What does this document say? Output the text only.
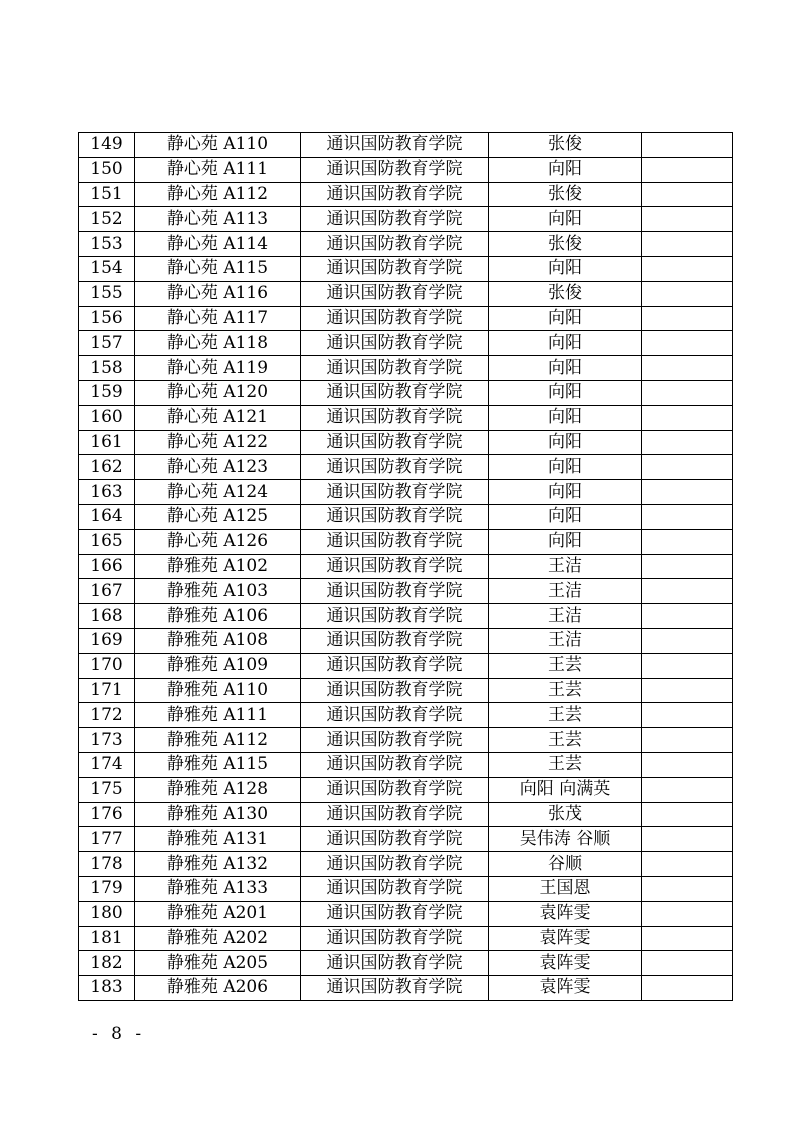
149	静心苑 A110	通识国防教育学院	张俊	
150	静心苑 A111	通识国防教育学院	向阳	
151	静心苑 A112	通识国防教育学院	张俊	
152	静心苑 A113	通识国防教育学院	向阳	
153	静心苑 A114	通识国防教育学院	张俊	
154	静心苑 A115	通识国防教育学院	向阳	
155	静心苑 A116	通识国防教育学院	张俊	
156	静心苑 A117	通识国防教育学院	向阳	
157	静心苑 A118	通识国防教育学院	向阳	
158	静心苑 A119	通识国防教育学院	向阳	
159	静心苑 A120	通识国防教育学院	向阳	
160	静心苑 A121	通识国防教育学院	向阳	
161	静心苑 A122	通识国防教育学院	向阳	
162	静心苑 A123	通识国防教育学院	向阳	
163	静心苑 A124	通识国防教育学院	向阳	
164	静心苑 A125	通识国防教育学院	向阳	
165	静心苑 A126	通识国防教育学院	向阳	
166	静雅苑 A102	通识国防教育学院	王洁	
167	静雅苑 A103	通识国防教育学院	王洁	
168	静雅苑 A106	通识国防教育学院	王洁	
169	静雅苑 A108	通识国防教育学院	王洁	
170	静雅苑 A109	通识国防教育学院	王芸	
171	静雅苑 A110	通识国防教育学院	王芸	
172	静雅苑 A111	通识国防教育学院	王芸	
173	静雅苑 A112	通识国防教育学院	王芸	
174	静雅苑 A115	通识国防教育学院	王芸	
175	静雅苑 A128	通识国防教育学院	向阳 向满英	
176	静雅苑 A130	通识国防教育学院	张茂	
177	静雅苑 A131	通识国防教育学院	吴伟涛 谷顺	
178	静雅苑 A132	通识国防教育学院	谷顺	
179	静雅苑 A133	通识国防教育学院	王国恩	
180	静雅苑 A201	通识国防教育学院	袁阵雯	
181	静雅苑 A202	通识国防教育学院	袁阵雯	
182	静雅苑 A205	通识国防教育学院	袁阵雯	
183	静雅苑 A206	通识国防教育学院	袁阵雯	
- 8 -
